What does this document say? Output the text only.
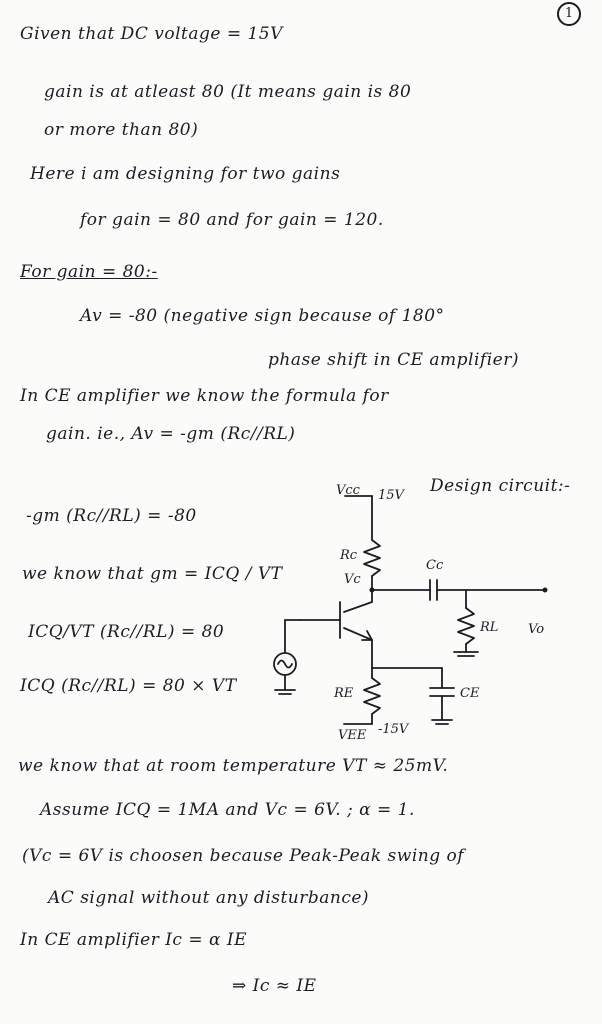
1
Given that DC voltage = 15V
gain is at atleast 80 (It means gain is 80
or more than 80)
Here i am designing for two gains
for gain = 80 and for gain = 120.
For gain = 80:-
Av = -80 (negative sign because of 180°
phase shift in CE amplifier)
In CE amplifier we know the formula for
gain. ie., Av = -gm (Rc//RL)
-gm (Rc//RL) = -80
we know that gm = ICQ / VT
ICQ/VT (Rc//RL) = 80
ICQ (Rc//RL) = 80 × VT
we know that at room temperature VT ≈ 25mV.
Assume ICQ = 1MA and Vc = 6V. ; α = 1.
(Vc = 6V is choosen because Peak-Peak swing of
AC signal without any disturbance)
In CE amplifier Ic = α IE
⇒ Ic ≈ IE
Vcc 15V Design circuit:-
Rc
Vc
Cc
RL Vo
RE	CE
VEE -15V
